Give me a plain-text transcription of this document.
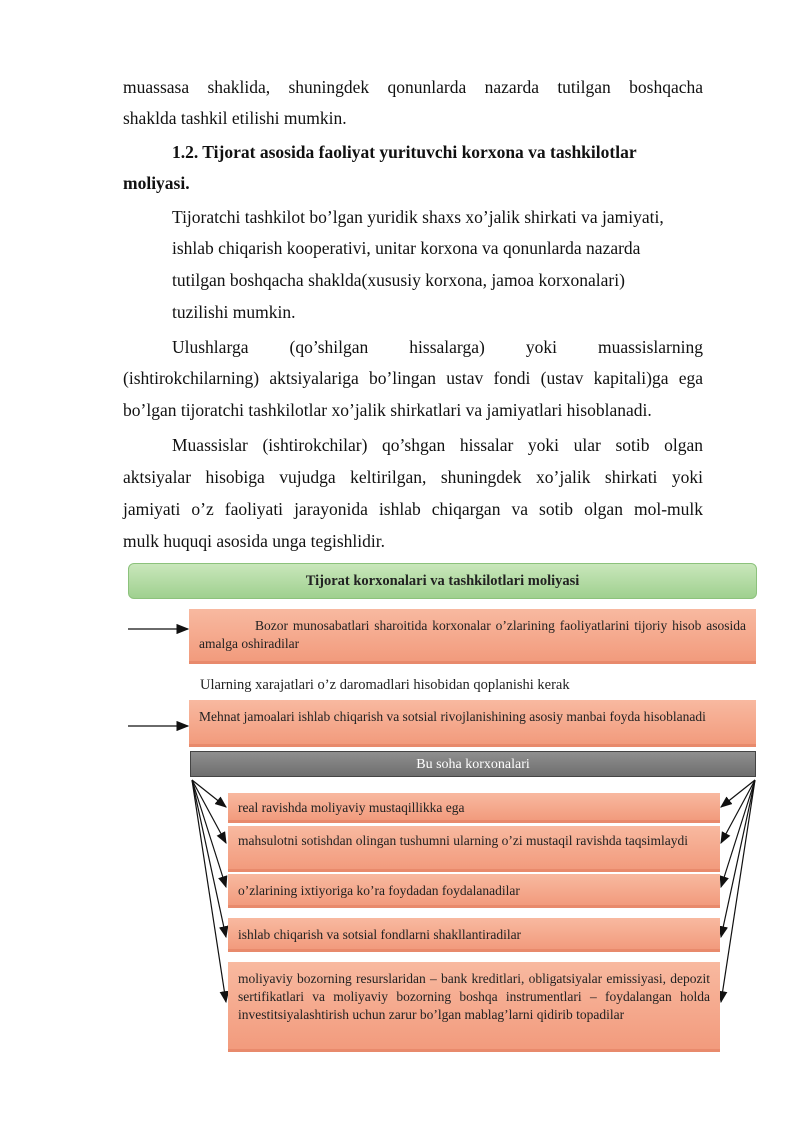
muassasa shaklida, shuningdek qonunlarda nazarda tutilgan boshqacha

shaklda tashkil etilishi mumkin.

1.2. Tijorat asosida faoliyat yurituvchi korxona va tashkilotlar

moliyasi.

Tijoratchi tashkilot bo’lgan yuridik shaxs xo’jalik shirkati va jamiyati,

ishlab chiqarish kooperativi, unitar korxona va qonunlarda nazarda

tutilgan boshqacha shaklda(xususiy korxona, jamoa korxonalari)

tuzilishi mumkin.

Ulushlarga (qo’shilgan hissalarga) yoki muassislarning

(ishtirokchilarning) aktsiyalariga bo’lingan ustav fondi (ustav kapitali)ga ega

bo’lgan tijoratchi tashkilotlar xo’jalik shirkatlari va jamiyatlari hisoblanadi.

Muassislar (ishtirokchilar) qo’shgan hissalar yoki ular sotib olgan

aktsiyalar hisobiga vujudga keltirilgan, shuningdek xo’jalik shirkati yoki

jamiyati o’z faoliyati jarayonida ishlab chiqargan va sotib olgan mol-mulk

mulk huquqi asosida unga tegishlidir.

Tijorat korxonalari va tashkilotlari moliyasi
Bozor munosabatlari sharoitida korxonalar o’zlarining faoliyatlarini tijoriy hisob asosida amalga oshiradilar
Ularning xarajatlari o’z daromadlari hisobidan qoplanishi kerak
Mehnat jamoalari ishlab chiqarish va sotsial rivojlanishining asosiy manbai foyda hisoblanadi
Bu soha korxonalari
real ravishda moliyaviy mustaqillikka ega
mahsulotni sotishdan olingan tushumni ularning o’zi mustaqil ravishda taqsimlaydi
o’zlarining ixtiyoriga ko’ra foydadan foydalanadilar
ishlab chiqarish va sotsial fondlarni shakllantiradilar
moliyaviy bozorning resurslaridan – bank kreditlari, obligatsiyalar emissiyasi, depozit sertifikatlari va moliyaviy bozorning boshqa instrumentlari – foydalangan holda investitsiyalashtirish uchun zarur bo’lgan mablag’larni qidirib topadilar
